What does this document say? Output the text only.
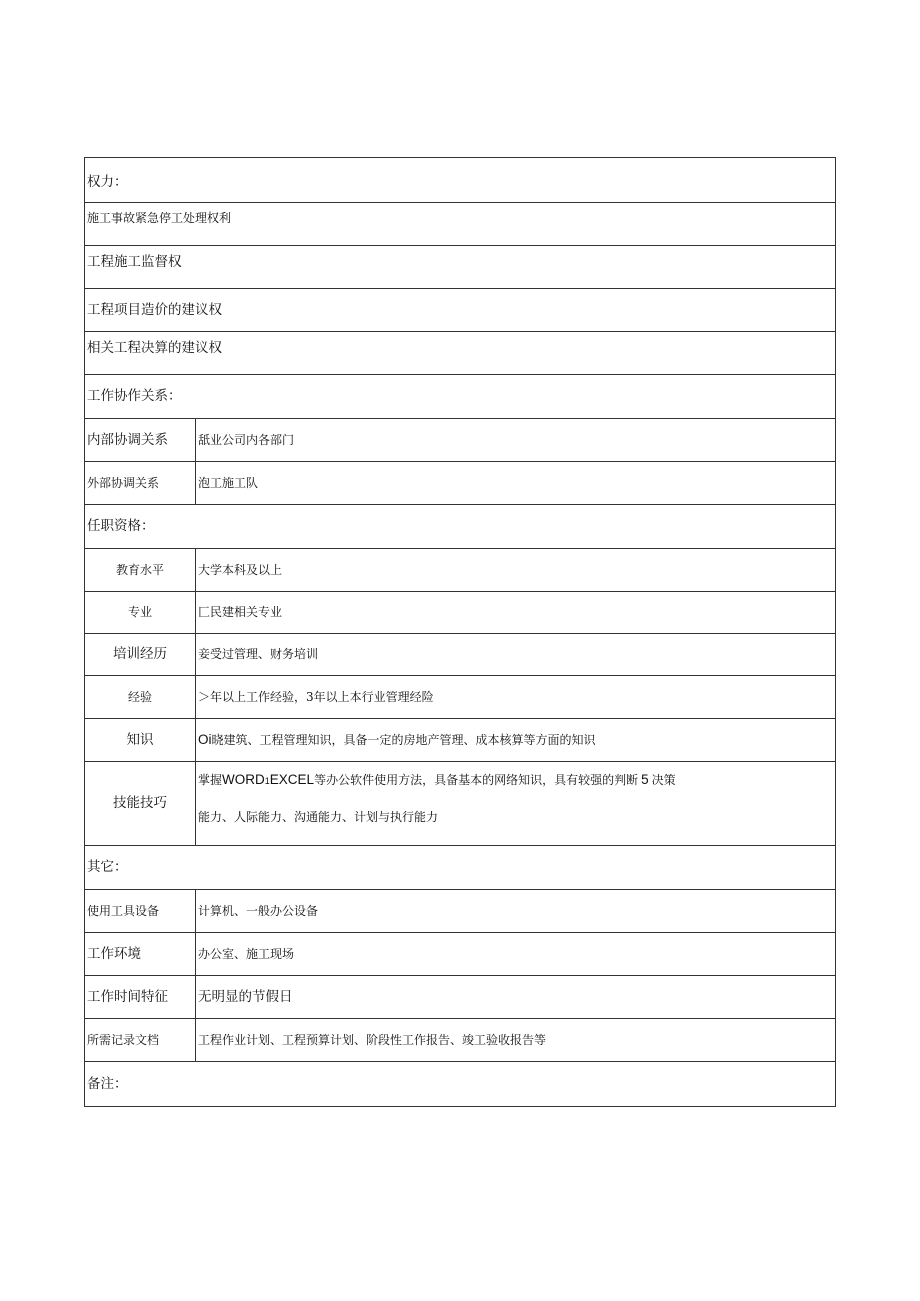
权力：	
施工事故紧急停工处理权利	
工程施工监督权	
工程项目造价的建议权	
相关工程决算的建议权	
工作协作关系：	
内部协调关系	舐业公司内各部门
外部协调关系	泡工施工队
任职资格：	
教育水平	大学本科及以上
专业	匚民建相关专业
培训经历	妾受过管理、财务培训
经验	＞年以上工作经验，3年以上本行业管理经险
知识	Oi晓建筑、工程管理知识，具备一定的房地产管理、成本核算等方面的知识
技能技巧	掌握WORD1EXCEL等办公软件使用方法，具备基本的网络知识，具有较强的判断 5 决策
能力、人际能力、沟通能力、计划与执行能力

其它：	
使用工具设备	计算机、一般办公设备
工作环境	办公室、施工现场
工作时间特征	无明显的节假日
所需记录文档	工程作业计划、工程预算计划、阶段性工作报告、竣工验收报告等
备注：	
